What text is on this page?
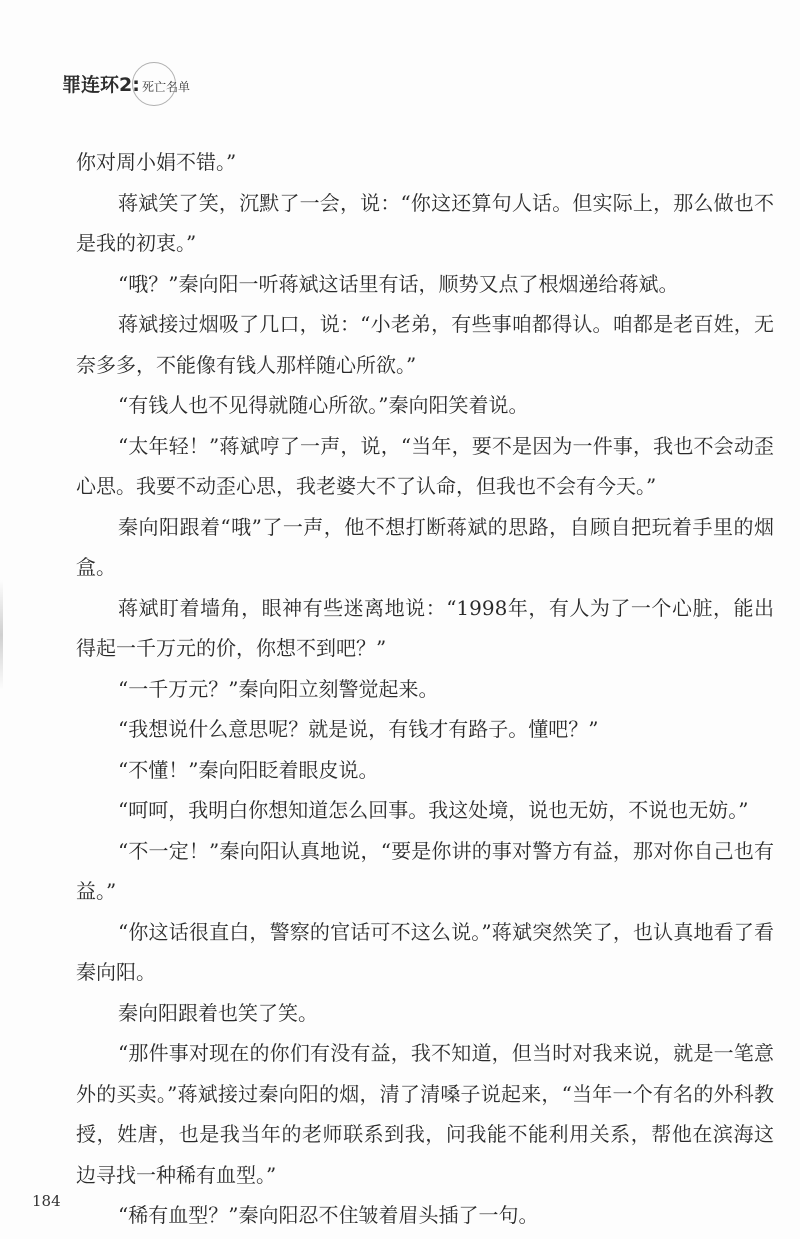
罪连环2: 死亡名单

你对周小娟不错。”

蒋斌笑了笑，沉默了一会，说：“你这还算句人话。但实际上，那么做也不是我的初衷。”

“哦？”秦向阳一听蒋斌这话里有话，顺势又点了根烟递给蒋斌。

蒋斌接过烟吸了几口，说：“小老弟，有些事咱都得认。咱都是老百姓，无奈多多，不能像有钱人那样随心所欲。”

“有钱人也不见得就随心所欲。”秦向阳笑着说。

“太年轻！”蒋斌哼了一声，说，“当年，要不是因为一件事，我也不会动歪心思。我要不动歪心思，我老婆大不了认命，但我也不会有今天。”

秦向阳跟着“哦”了一声，他不想打断蒋斌的思路，自顾自把玩着手里的烟盒。

蒋斌盯着墙角，眼神有些迷离地说：“1998年，有人为了一个心脏，能出得起一千万元的价，你想不到吧？”

“一千万元？”秦向阳立刻警觉起来。

“我想说什么意思呢？就是说，有钱才有路子。懂吧？”

“不懂！”秦向阳眨着眼皮说。

“呵呵，我明白你想知道怎么回事。我这处境，说也无妨，不说也无妨。”

“不一定！”秦向阳认真地说，“要是你讲的事对警方有益，那对你自己也有益。”

“你这话很直白，警察的官话可不这么说。”蒋斌突然笑了，也认真地看了看秦向阳。

秦向阳跟着也笑了笑。

“那件事对现在的你们有没有益，我不知道，但当时对我来说，就是一笔意外的买卖。”蒋斌接过秦向阳的烟，清了清嗓子说起来，“当年一个有名的外科教授，姓唐，也是我当年的老师联系到我，问我能不能利用关系，帮他在滨海这边寻找一种稀有血型。”

“稀有血型？”秦向阳忍不住皱着眉头插了一句。

184
